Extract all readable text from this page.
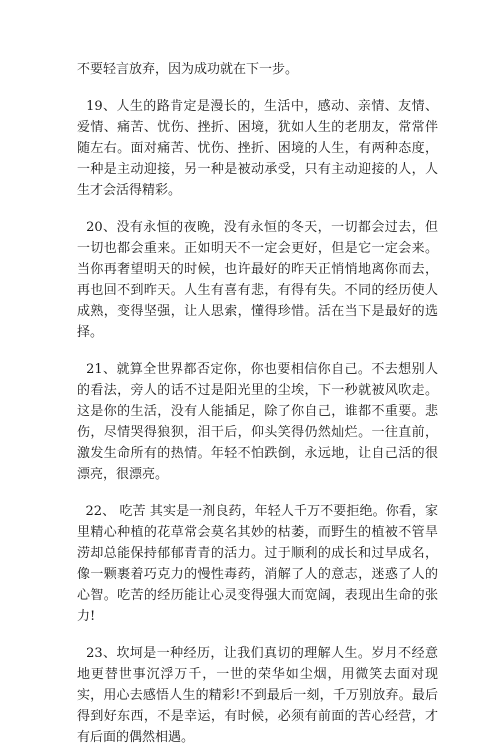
不要轻言放弃，因为成功就在下一步。

19、人生的路肯定是漫长的，生活中，感动、亲情、友情、爱情、痛苦、忧伤、挫折、困境，犹如人生的老朋友，常常伴随左右。面对痛苦、忧伤、挫折、困境的人生，有两种态度，一种是主动迎接，另一种是被动承受，只有主动迎接的人，人生才会活得精彩。

20、没有永恒的夜晚，没有永恒的冬天，一切都会过去，但一切也都会重来。正如明天不一定会更好，但是它一定会来。当你再奢望明天的时候，也许最好的昨天正悄悄地离你而去，再也回不到昨天。人生有喜有悲，有得有失。不同的经历使人成熟，变得坚强，让人思索，懂得珍惜。活在当下是最好的选择。

21、就算全世界都否定你，你也要相信你自己。不去想别人的看法，旁人的话不过是阳光里的尘埃，下一秒就被风吹走。这是你的生活，没有人能插足，除了你自己，谁都不重要。悲伤，尽情哭得狼狈，泪干后，仰头笑得仍然灿烂。一往直前，激发生命所有的热情。年轻不怕跌倒，永远地，让自己活的很漂亮，很漂亮。

22、 吃苦 其实是一剂良药，年轻人千万不要拒绝。你看，家里精心种植的花草常会莫名其妙的枯萎，而野生的植被不管旱涝却总能保持郁郁青青的活力。过于顺利的成长和过早成名，像一颗裹着巧克力的慢性毒药，消解了人的意志，迷惑了人的心智。吃苦的经历能让心灵变得强大而宽阔，表现出生命的张力!

23、坎坷是一种经历，让我们真切的理解人生。岁月不经意地更替世事沉浮万千，一世的荣华如尘烟，用微笑去面对现实，用心去感悟人生的精彩!不到最后一刻，千万别放弃。最后得到好东西，不是幸运，有时候，必须有前面的苦心经营，才有后面的偶然相遇。
